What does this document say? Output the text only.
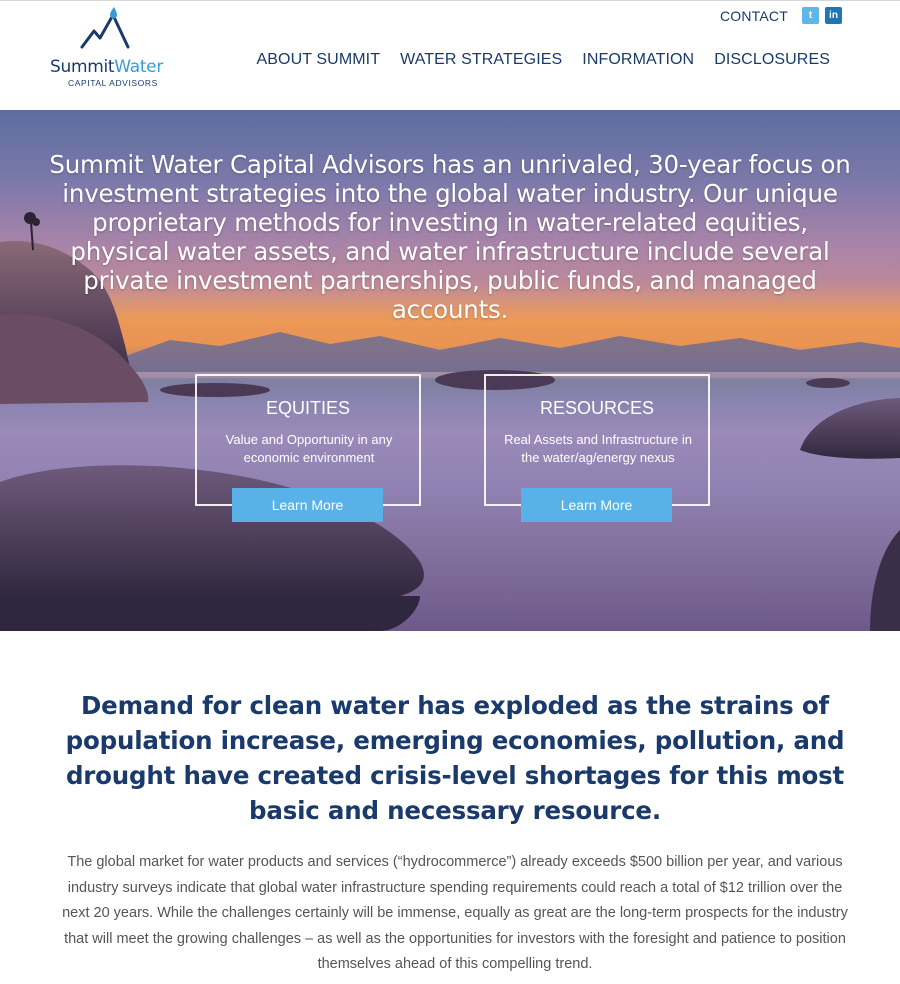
SummitWater
CAPITAL ADVISORS
CONTACT	t	in
ABOUT SUMMIT WATER STRATEGIES INFORMATION DISCLOSURES

Summit Water Capital Advisors has an unrivaled, 30-year focus on investment strategies into the global water industry. Our unique proprietary methods for investing in water-related equities, physical water assets, and water infrastructure include several private investment partnerships, public funds, and managed accounts.

EQUITIES
Value and Opportunity in any economic environment
Learn More
RESOURCES
Real Assets and Infrastructure in the water/ag/energy nexus
Learn More
Demand for clean water has exploded as the strains of population increase, emerging economies, pollution, and drought have created crisis-level shortages for this most basic and necessary resource.

The global market for water products and services (“hydrocommerce”) already exceeds $500 billion per year, and various industry surveys indicate that global water infrastructure spending requirements could reach a total of $12 trillion over the next 20 years. While the challenges certainly will be immense, equally as great are the long-term prospects for the industry that will meet the growing challenges – as well as the opportunities for investors with the foresight and patience to position themselves ahead of this compelling trend.
